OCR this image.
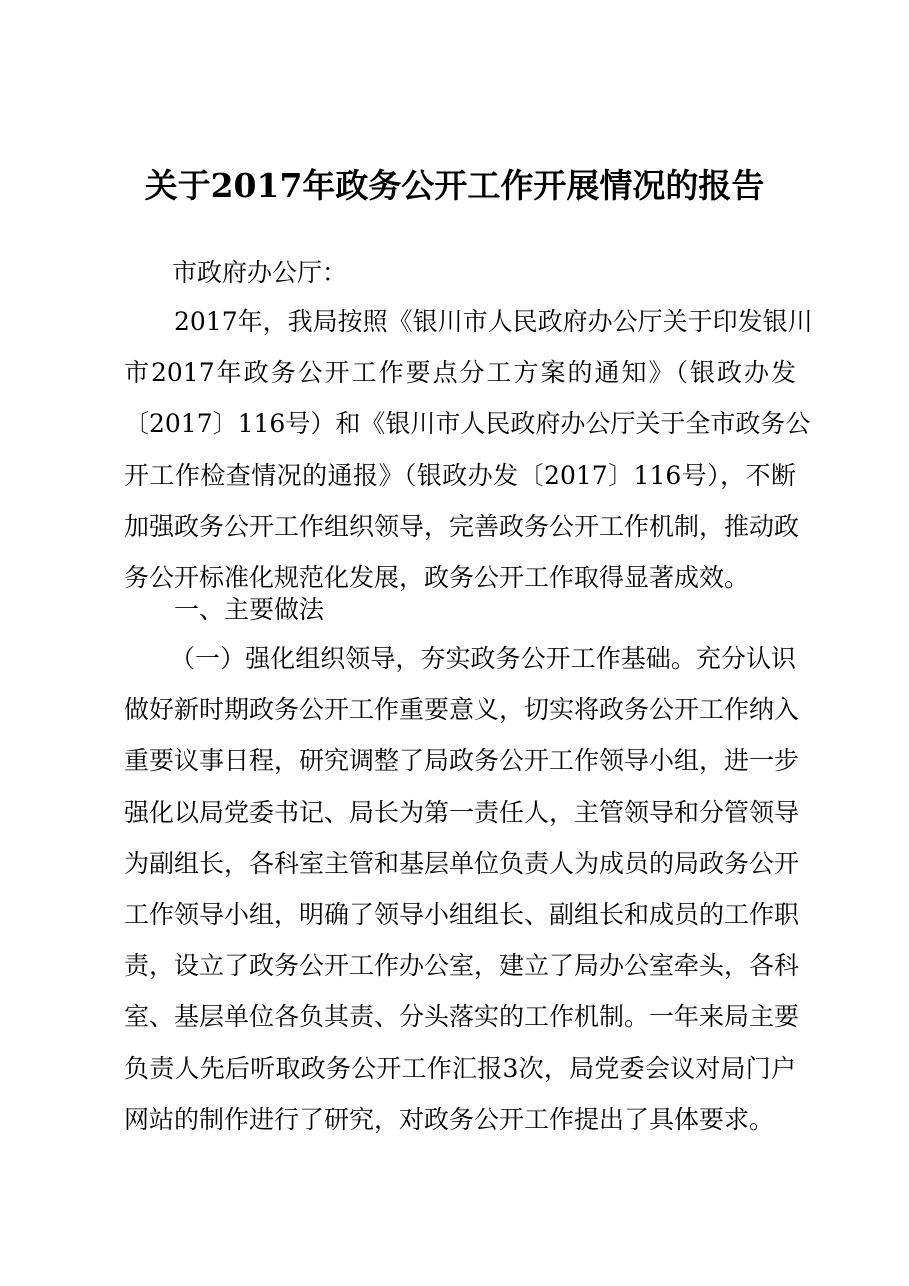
关于2017年政务公开工作开展情况的报告

市政府办公厅：

2017年，我局按照《银川市人民政府办公厅关于印发银川
市2017年政务公开工作要点分工方案的通知》（银政办发
〔2017〕116号）和《银川市人民政府办公厅关于全市政务公
开工作检查情况的通报》（银政办发〔2017〕116号），不断
加强政务公开工作组织领导，完善政务公开工作机制，推动政
务公开标准化规范化发展，政务公开工作取得显著成效。
一、主要做法
（一）强化组织领导，夯实政务公开工作基础。充分认识
做好新时期政务公开工作重要意义，切实将政务公开工作纳入
重要议事日程，研究调整了局政务公开工作领导小组，进一步
强化以局党委书记、局长为第一责任人，主管领导和分管领导
为副组长，各科室主管和基层单位负责人为成员的局政务公开
工作领导小组，明确了领导小组组长、副组长和成员的工作职
责，设立了政务公开工作办公室，建立了局办公室牵头，各科
室、基层单位各负其责、分头落实的工作机制。一年来局主要
负责人先后听取政务公开工作汇报3次，局党委会议对局门户
网站的制作进行了研究，对政务公开工作提出了具体要求。
